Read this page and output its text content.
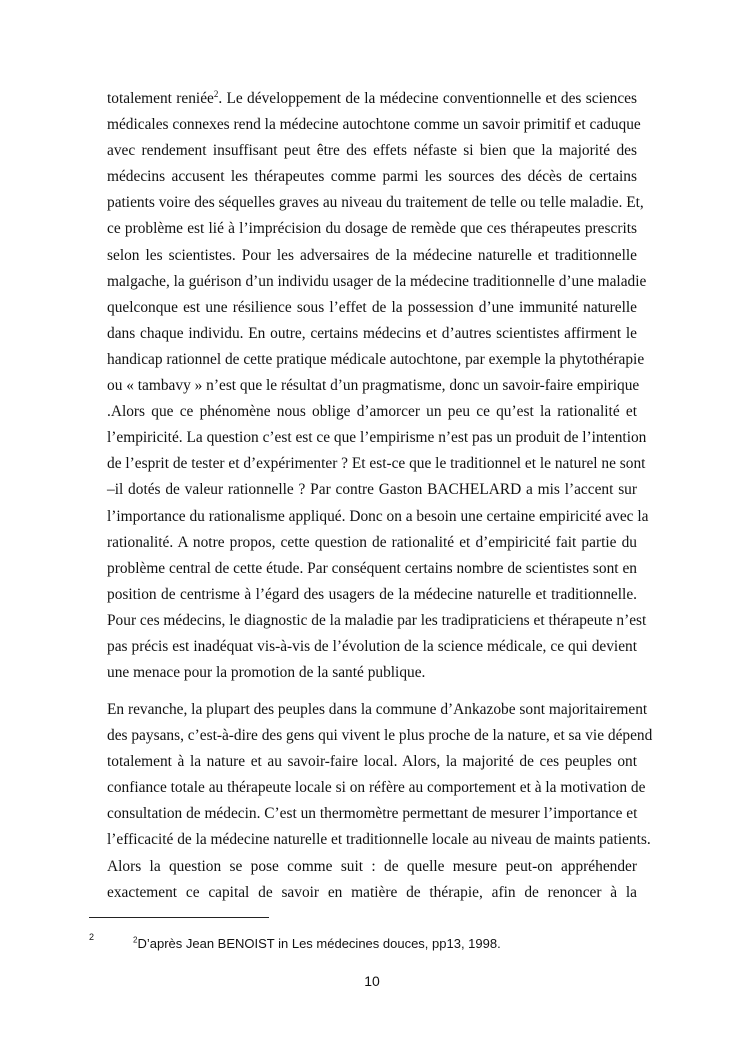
totalement reniée$^2$. Le développement de la médecine conventionnelle et des sciences
médicales connexes rend la médecine autochtone comme un savoir primitif et caduque
avec rendement insuffisant peut être des effets néfaste si bien que la majorité des
médecins accusent les thérapeutes comme parmi les sources des décès de certains
patients voire des séquelles graves au niveau du traitement de telle ou telle maladie. Et,
ce problème est lié à l’imprécision du dosage de remède que ces thérapeutes prescrits
selon les scientistes. Pour les adversaires de la médecine naturelle et traditionnelle
malgache, la guérison d’un individu usager de la médecine traditionnelle d’une maladie
quelconque est une résilience sous l’effet de la possession d’une immunité naturelle
dans chaque individu. En outre, certains médecins et d’autres scientistes affirment le
handicap rationnel de cette pratique médicale autochtone, par exemple la phytothérapie
ou « tambavy » n’est que le résultat d’un pragmatisme, donc un savoir-faire empirique
.Alors que ce phénomène nous oblige d’amorcer un peu ce qu’est la rationalité et
l’empiricité. La question c’est est ce que l’empirisme n’est pas un produit de l’intention
de l’esprit de tester et d’expérimenter ? Et est-ce que le traditionnel et le naturel ne sont
–il dotés de valeur rationnelle ? Par contre Gaston BACHELARD a mis l’accent sur
l’importance du rationalisme appliqué. Donc on a besoin une certaine empiricité avec la
rationalité. A notre propos, cette question de rationalité et d’empiricité fait partie du
problème central de cette étude. Par conséquent certains nombre de scientistes sont en
position de centrisme à l’égard des usagers de la médecine naturelle et traditionnelle.
Pour ces médecins, le diagnostic de la maladie par les tradipraticiens et thérapeute n’est
pas précis est inadéquat vis-à-vis de l’évolution de la science médicale, ce qui devient
une menace pour la promotion de la santé publique.
En revanche, la plupart des peuples dans la commune d’Ankazobe sont majoritairement
des paysans, c’est-à-dire des gens qui vivent le plus proche de la nature, et sa vie dépend
totalement à la nature et au savoir-faire local. Alors, la majorité de ces peuples ont
confiance totale au thérapeute locale si on réfère au comportement et à la motivation de
consultation de médecin. C’est un thermomètre permettant de mesurer l’importance et
l’efficacité de la médecine naturelle et traditionnelle locale au niveau de maints patients.
Alors la question se pose comme suit : de quelle mesure peut-on appréhender
exactement ce capital de savoir en matière de thérapie, afin de renoncer à la
2	$^2$D’après Jean BENOIST in Les médecines douces, pp13, 1998.
10
